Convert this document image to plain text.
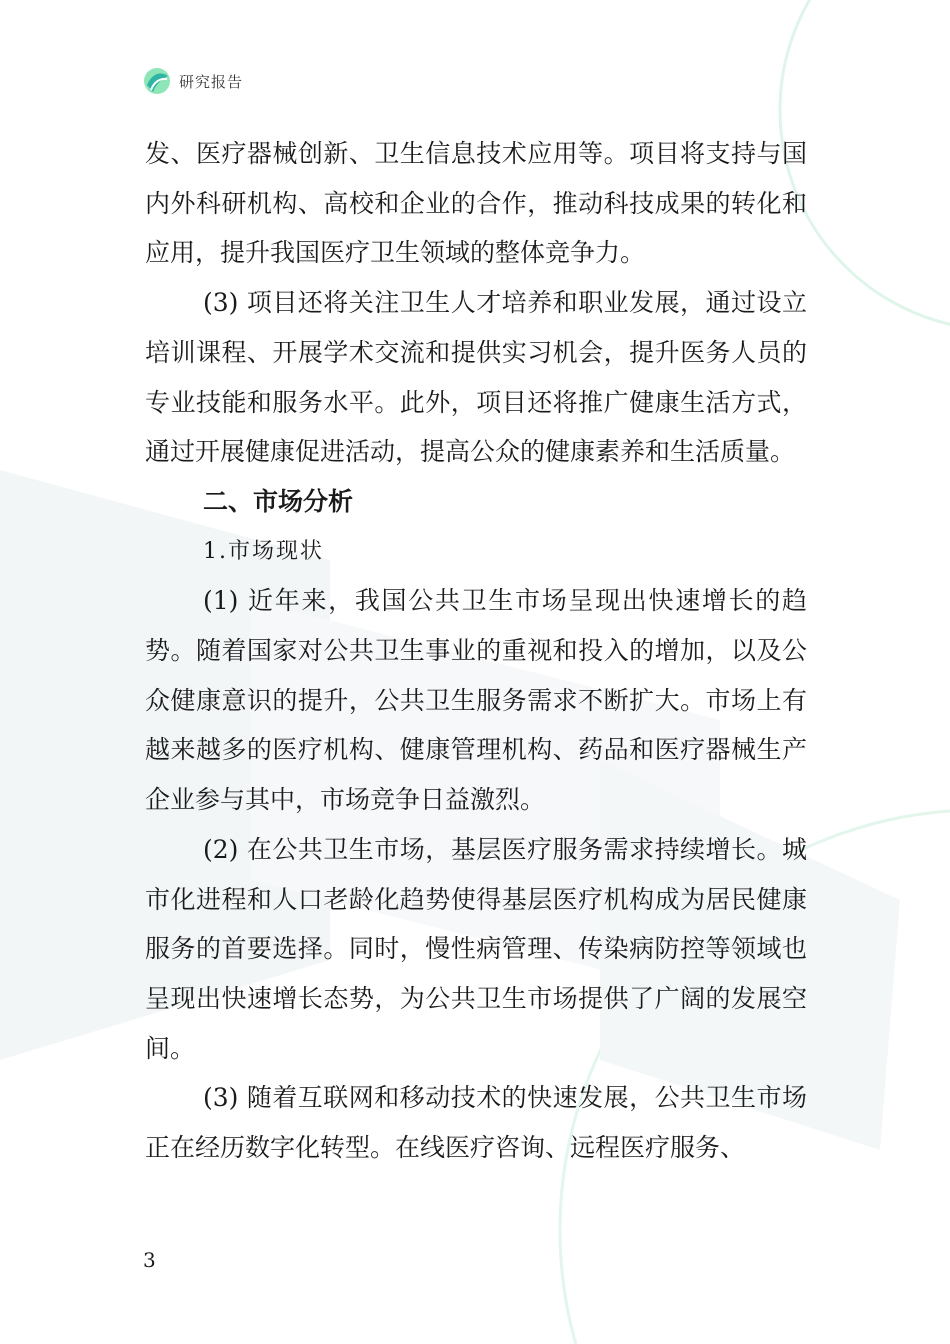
研究报告

发、医疗器械创新、卫生信息技术应用等。项目将支持与国内外科研机构、高校和企业的合作，推动科技成果的转化和应用，提升我国医疗卫生领域的整体竞争力。

(3) 项目还将关注卫生人才培养和职业发展，通过设立培训课程、开展学术交流和提供实习机会，提升医务人员的专业技能和服务水平。此外，项目还将推广健康生活方式，通过开展健康促进活动，提高公众的健康素养和生活质量。

二、市场分析

1.市场现状

(1) 近年来，我国公共卫生市场呈现出快速增长的趋势。随着国家对公共卫生事业的重视和投入的增加，以及公众健康意识的提升，公共卫生服务需求不断扩大。市场上有越来越多的医疗机构、健康管理机构、药品和医疗器械生产企业参与其中，市场竞争日益激烈。

(2) 在公共卫生市场，基层医疗服务需求持续增长。城市化进程和人口老龄化趋势使得基层医疗机构成为居民健康服务的首要选择。同时，慢性病管理、传染病防控等领域也呈现出快速增长态势，为公共卫生市场提供了广阔的发展空间。

(3) 随着互联网和移动技术的快速发展，公共卫生市场正在经历数字化转型。在线医疗咨询、远程医疗服务、

3
